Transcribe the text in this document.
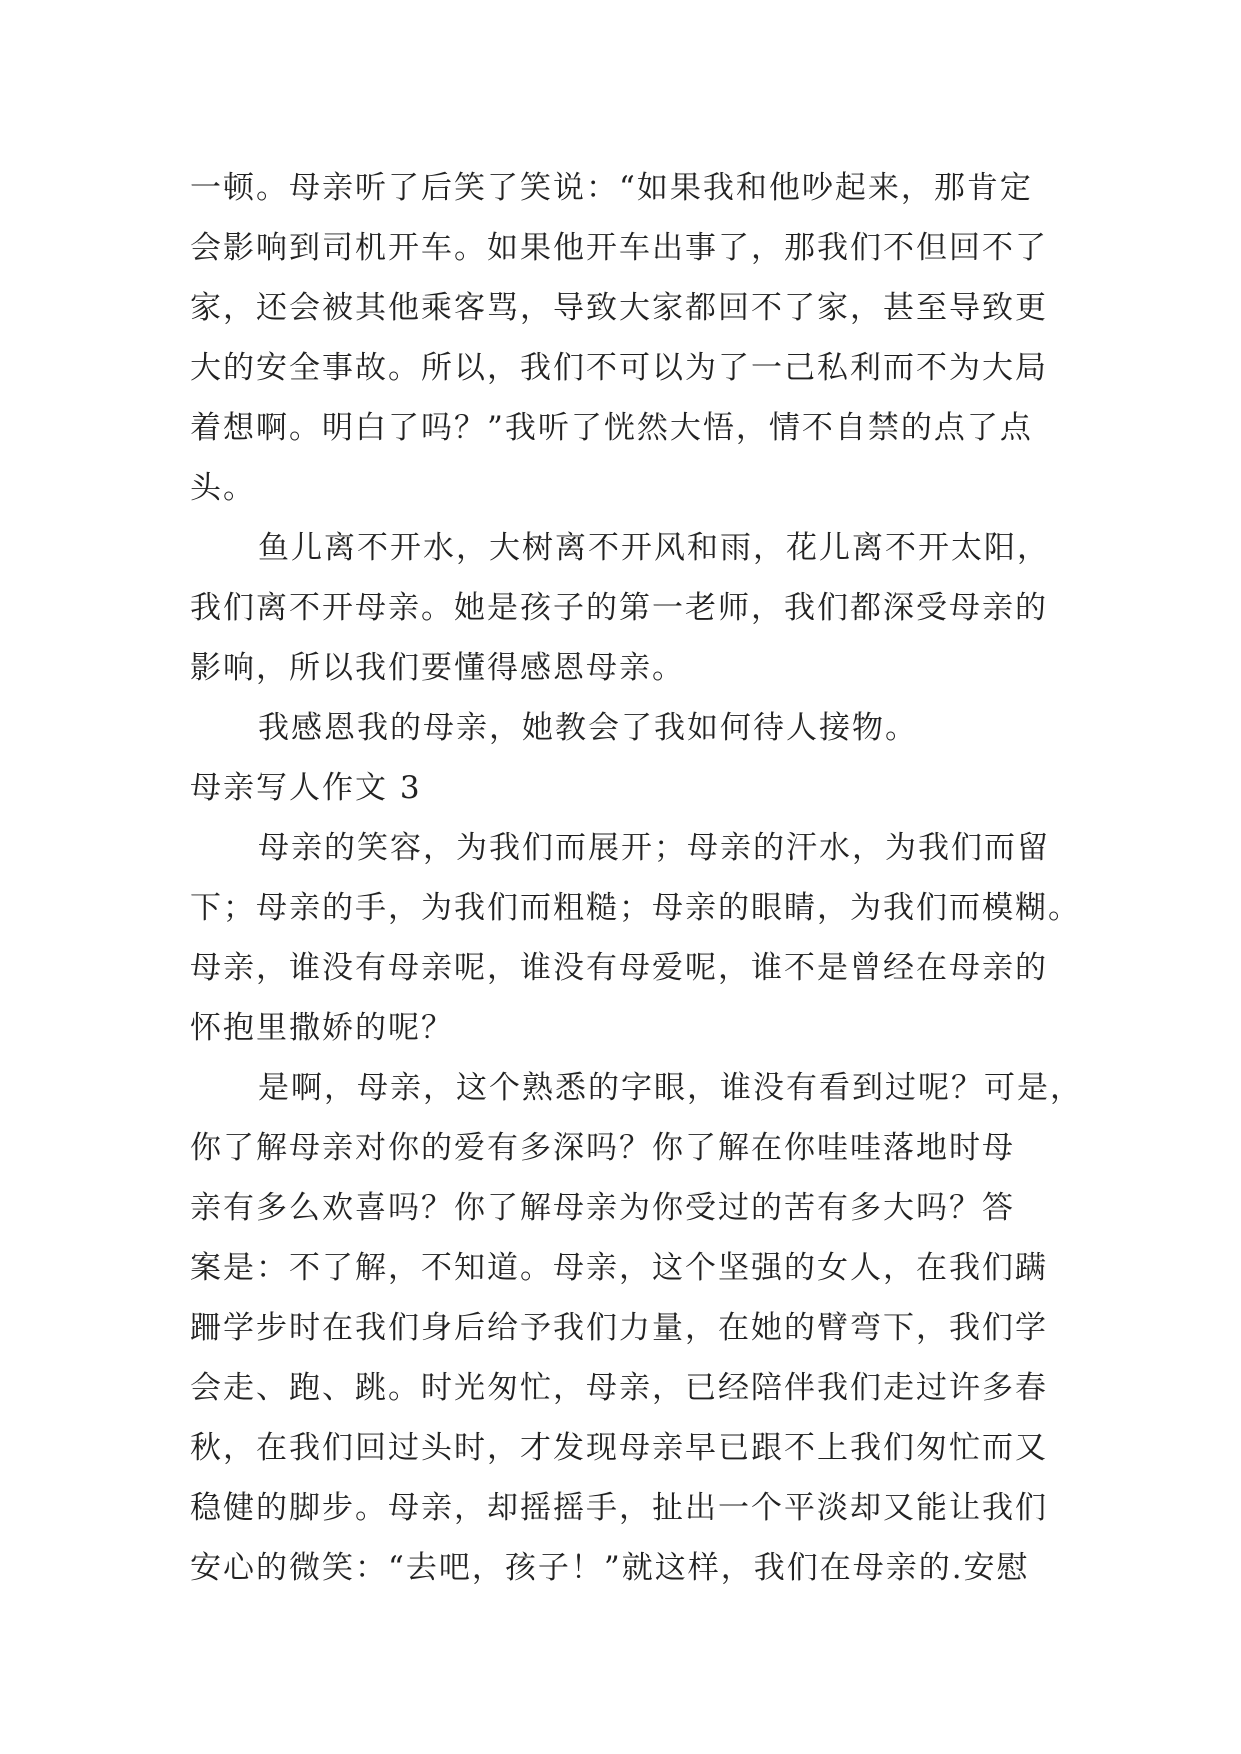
一顿。母亲听了后笑了笑说：“如果我和他吵起来，那肯定
会影响到司机开车。如果他开车出事了，那我们不但回不了
家，还会被其他乘客骂，导致大家都回不了家，甚至导致更
大的安全事故。所以，我们不可以为了一己私利而不为大局
着想啊。明白了吗？”我听了恍然大悟，情不自禁的点了点
头。
鱼儿离不开水，大树离不开风和雨，花儿离不开太阳，
我们离不开母亲。她是孩子的第一老师，我们都深受母亲的
影响，所以我们要懂得感恩母亲。
我感恩我的母亲，她教会了我如何待人接物。
母亲写人作文 3
母亲的笑容，为我们而展开；母亲的汗水，为我们而留
下；母亲的手，为我们而粗糙；母亲的眼睛，为我们而模糊。
母亲，谁没有母亲呢，谁没有母爱呢，谁不是曾经在母亲的
怀抱里撒娇的呢？
是啊，母亲，这个熟悉的字眼，谁没有看到过呢？可是，
你了解母亲对你的爱有多深吗？你了解在你哇哇落地时母
亲有多么欢喜吗？你了解母亲为你受过的苦有多大吗？答
案是：不了解，不知道。母亲，这个坚强的女人，在我们蹒
跚学步时在我们身后给予我们力量，在她的臂弯下，我们学
会走、跑、跳。时光匆忙，母亲，已经陪伴我们走过许多春
秋，在我们回过头时，才发现母亲早已跟不上我们匆忙而又
稳健的脚步。母亲，却摇摇手，扯出一个平淡却又能让我们
安心的微笑：“去吧，孩子！”就这样，我们在母亲的.安慰
